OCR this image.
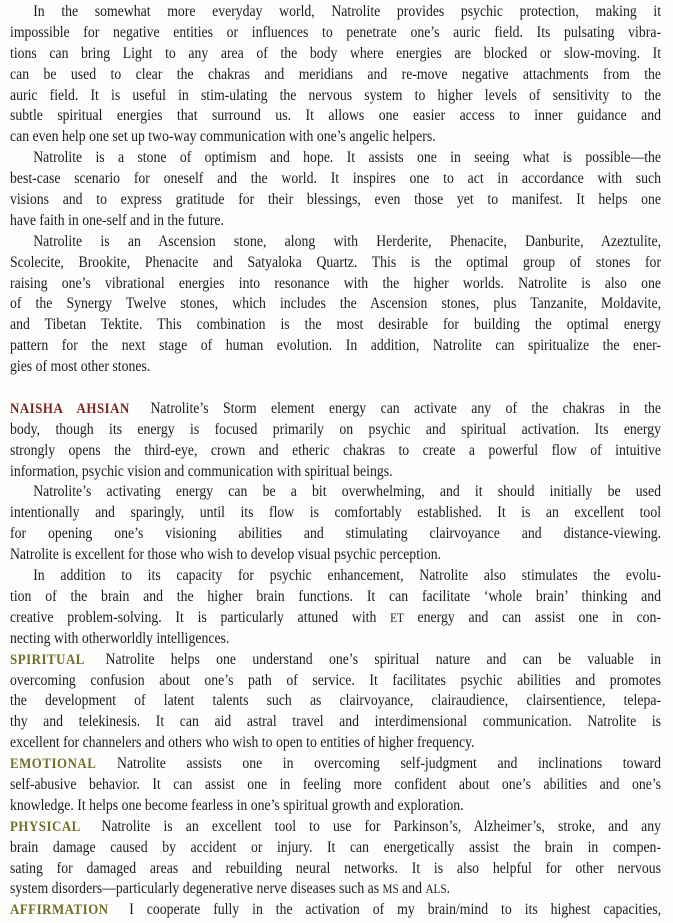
In the somewhat more everyday world, Natrolite provides psychic protection, making it
impossible for negative entities or influences to penetrate one’s auric field. Its pulsating vibra-
tions can bring Light to any area of the body where energies are blocked or slow-moving. It
can be used to clear the chakras and meridians and re-move negative attachments from the
auric field. It is useful in stim-ulating the nervous system to higher levels of sensitivity to the
subtle spiritual energies that surround us. It allows one easier access to inner guidance and
can even help one set up two-way communication with one’s angelic helpers.
Natrolite is a stone of optimism and hope. It assists one in seeing what is possible—the
best-case scenario for oneself and the world. It inspires one to act in accordance with such
visions and to express gratitude for their blessings, even those yet to manifest. It helps one
have faith in one-self and in the future.
Natrolite is an Ascension stone, along with Herderite, Phenacite, Danburite, Azeztulite,
Scolecite, Brookite, Phenacite and Satyaloka Quartz. This is the optimal group of stones for
raising one’s vibrational energies into resonance with the higher worlds. Natrolite is also one
of the Synergy Twelve stones, which includes the Ascension stones, plus Tanzanite, Moldavite,
and Tibetan Tektite. This combination is the most desirable for building the optimal energy
pattern for the next stage of human evolution. In addition, Natrolite can spiritualize the ener-
gies of most other stones.
NAISHA AHSIAN Natrolite’s Storm element energy can activate any of the chakras in the
body, though its energy is focused primarily on psychic and spiritual activation. Its energy
strongly opens the third-eye, crown and etheric chakras to create a powerful flow of intuitive
information, psychic vision and communication with spiritual beings.
Natrolite’s activating energy can be a bit overwhelming, and it should initially be used
intentionally and sparingly, until its flow is comfortably established. It is an excellent tool
for opening one’s visioning abilities and stimulating clairvoyance and distance-viewing.
Natrolite is excellent for those who wish to develop visual psychic perception.
In addition to its capacity for psychic enhancement, Natrolite also stimulates the evolu-
tion of the brain and the higher brain functions. It can facilitate ‘whole brain’ thinking and
creative problem-solving. It is particularly attuned with ET energy and can assist one in con-
necting with otherworldly intelligences.
SPIRITUAL Natrolite helps one understand one’s spiritual nature and can be valuable in
overcoming confusion about one’s path of service. It facilitates psychic abilities and promotes
the development of latent talents such as clairvoyance, clairaudience, clairsentience, telepa-
thy and telekinesis. It can aid astral travel and interdimensional communication. Natrolite is
excellent for channelers and others who wish to open to entities of higher frequency.
EMOTIONAL Natrolite assists one in overcoming self-judgment and inclinations toward
self-abusive behavior. It can assist one in feeling more confident about one’s abilities and one’s
knowledge. It helps one become fearless in one’s spiritual growth and exploration.
PHYSICAL Natrolite is an excellent tool to use for Parkinson’s, Alzheimer’s, stroke, and any
brain damage caused by accident or injury. It can energetically assist the brain in compen-
sating for damaged areas and rebuilding neural networks. It is also helpful for other nervous
system disorders—particularly degenerative nerve diseases such as MS and ALS.
AFFIRMATION I cooperate fully in the activation of my brain/mind to its highest capacities,
